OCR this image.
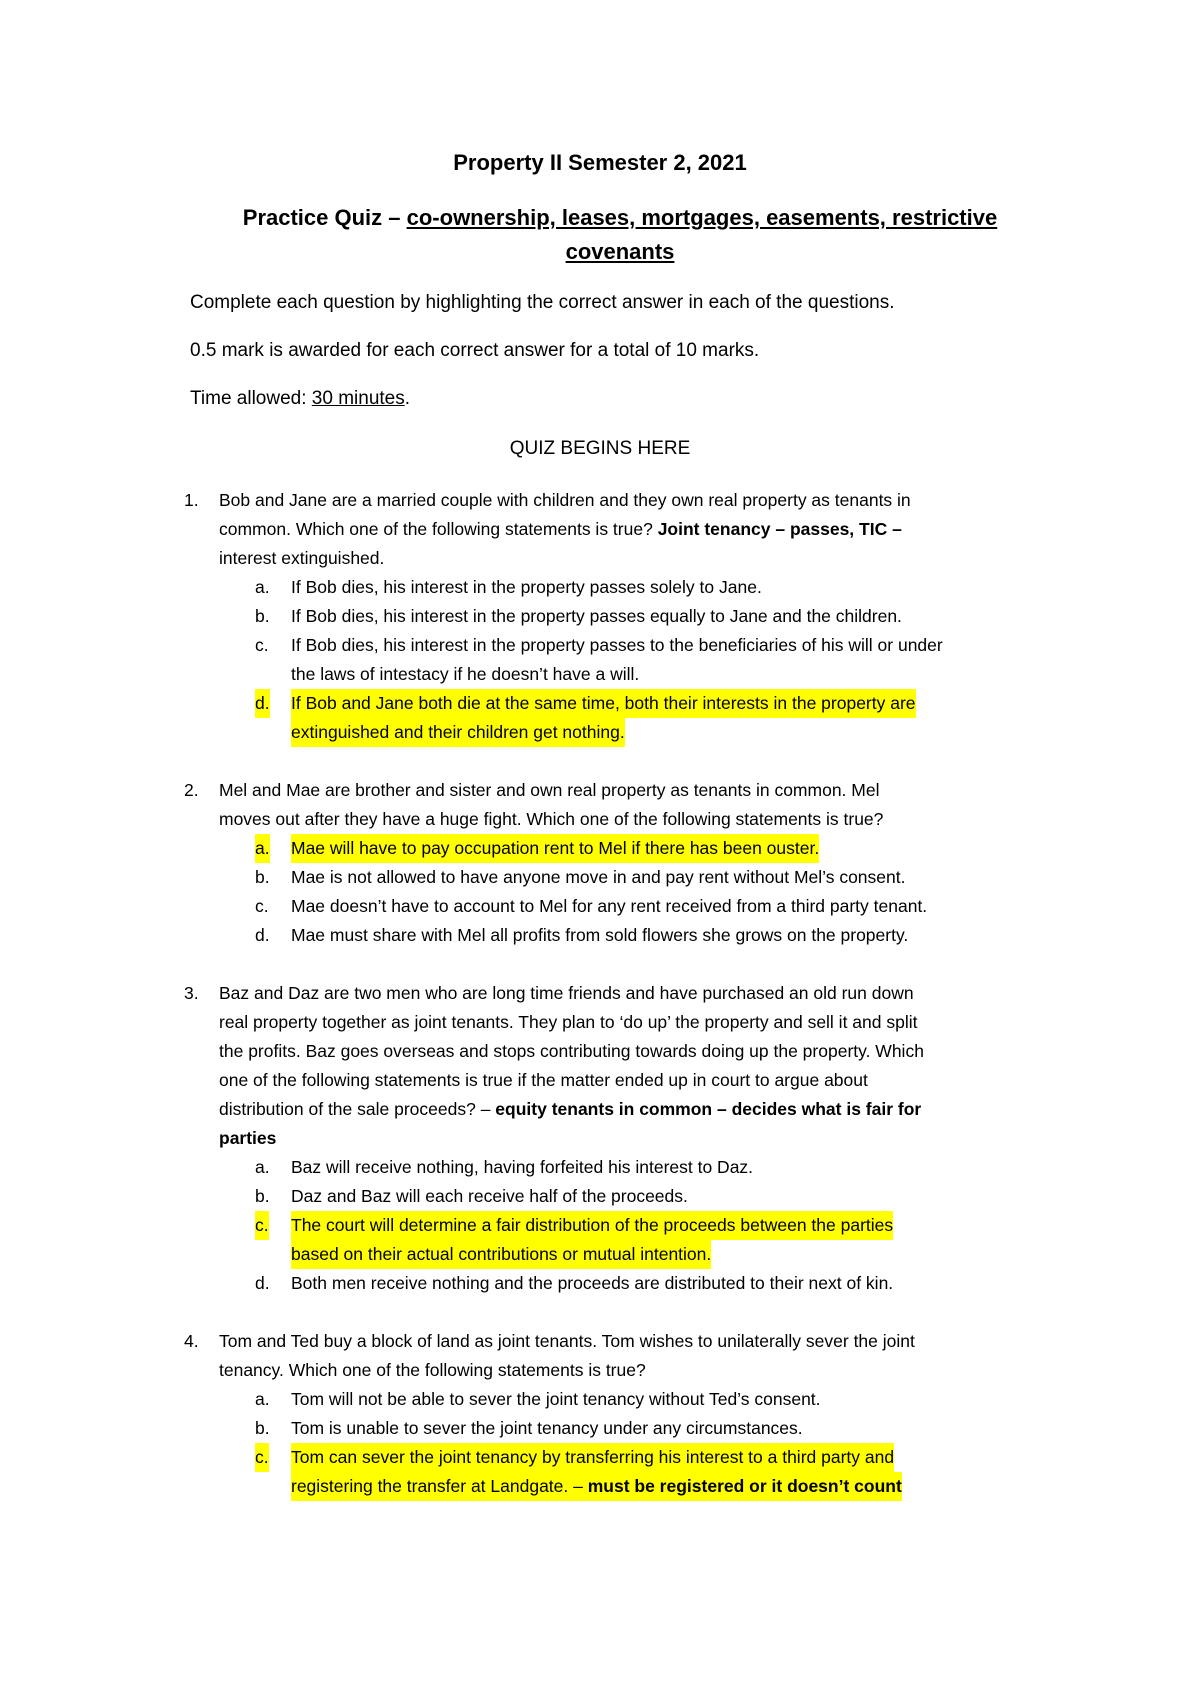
Property II Semester 2, 2021
Practice Quiz – co-ownership, leases, mortgages, easements, restrictive
covenants
Complete each question by highlighting the correct answer in each of the questions.
0.5 mark is awarded for each correct answer for a total of 10 marks.
Time allowed: 30 minutes.
QUIZ BEGINS HERE
1. Bob and Jane are a married couple with children and they own real property as tenants in
common. Which one of the following statements is true? Joint tenancy – passes, TIC –
interest extinguished.
a. If Bob dies, his interest in the property passes solely to Jane.
b. If Bob dies, his interest in the property passes equally to Jane and the children.
c. If Bob dies, his interest in the property passes to the beneficiaries of his will or under
the laws of intestacy if he doesn’t have a will.
d. If Bob and Jane both die at the same time, both their interests in the property are
extinguished and their children get nothing.
2. Mel and Mae are brother and sister and own real property as tenants in common. Mel
moves out after they have a huge fight. Which one of the following statements is true?
a. Mae will have to pay occupation rent to Mel if there has been ouster.
b. Mae is not allowed to have anyone move in and pay rent without Mel’s consent.
c. Mae doesn’t have to account to Mel for any rent received from a third party tenant.
d. Mae must share with Mel all profits from sold flowers she grows on the property.
3. Baz and Daz are two men who are long time friends and have purchased an old run down
real property together as joint tenants. They plan to ‘do up’ the property and sell it and split
the profits. Baz goes overseas and stops contributing towards doing up the property. Which
one of the following statements is true if the matter ended up in court to argue about
distribution of the sale proceeds? – equity tenants in common – decides what is fair for
parties
a. Baz will receive nothing, having forfeited his interest to Daz.
b. Daz and Baz will each receive half of the proceeds.
c. The court will determine a fair distribution of the proceeds between the parties
based on their actual contributions or mutual intention.
d. Both men receive nothing and the proceeds are distributed to their next of kin.
4. Tom and Ted buy a block of land as joint tenants. Tom wishes to unilaterally sever the joint
tenancy. Which one of the following statements is true?
a. Tom will not be able to sever the joint tenancy without Ted’s consent.
b. Tom is unable to sever the joint tenancy under any circumstances.
c. Tom can sever the joint tenancy by transferring his interest to a third party and
registering the transfer at Landgate. – must be registered or it doesn’t count
